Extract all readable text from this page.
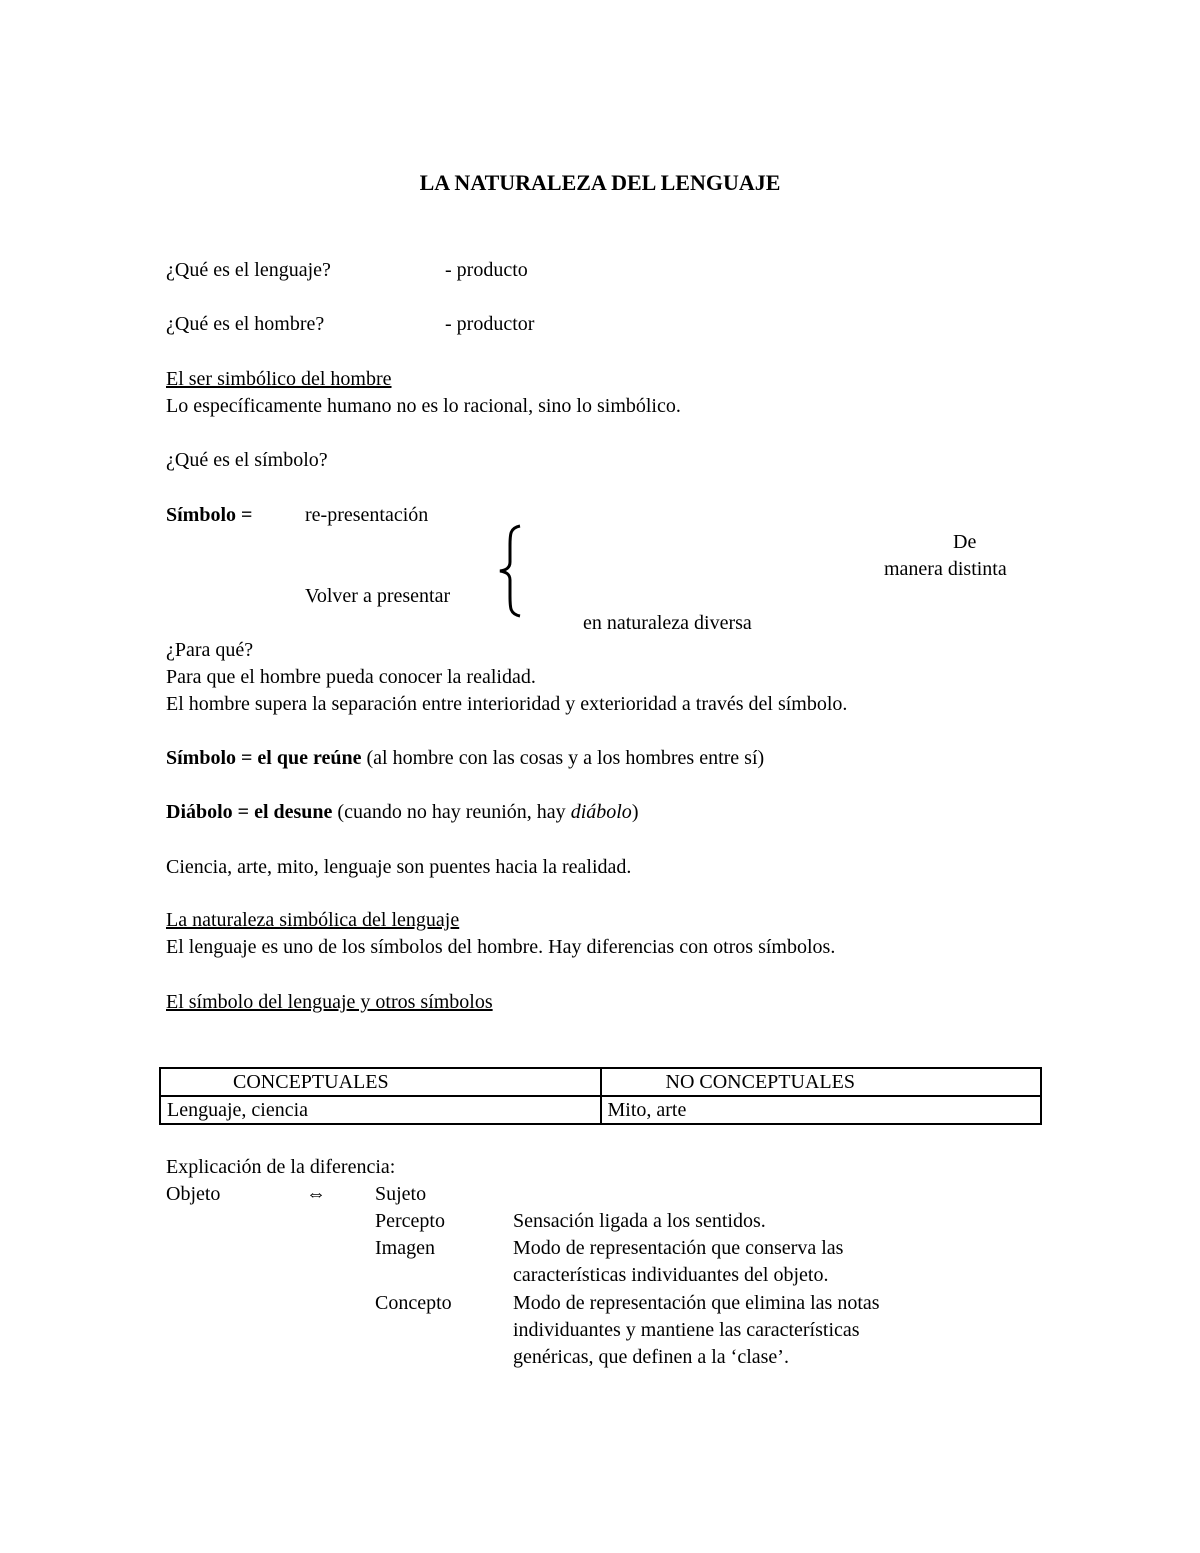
LA NATURALEZA DEL LENGUAJE
¿Qué es el lenguaje?	- producto
¿Qué es el hombre?	- productor
El ser simbólico del hombre
Lo específicamente humano no es lo racional, sino lo simbólico.
¿Qué es el símbolo?
Símbolo =	re-presentación
De
manera distinta
Volver a presentar
en naturaleza diversa
¿Para qué?
Para que el hombre pueda conocer la realidad.
El hombre supera la separación entre interioridad y exterioridad a través del símbolo.
Símbolo = el que reúne (al hombre con las cosas y a los hombres entre sí)
Diábolo = el desune (cuando no hay reunión, hay diábolo)
Ciencia, arte, mito, lenguaje son puentes hacia la realidad.
La naturaleza simbólica del lenguaje
El lenguaje es uno de los símbolos del hombre. Hay diferencias con otros símbolos.
El símbolo del lenguaje y otros símbolos
CONCEPTUALES	NO CONCEPTUALES
Lenguaje, ciencia	Mito, arte
Explicación de la diferencia:
Objeto	⇔ Sujeto
Percepto	Sensación ligada a los sentidos.
Imagen	Modo de representación que conserva las
características individuantes del objeto.
Concepto	Modo de representación que elimina las notas
individuantes y mantiene las características
genéricas, que definen a la ‘clase’.
